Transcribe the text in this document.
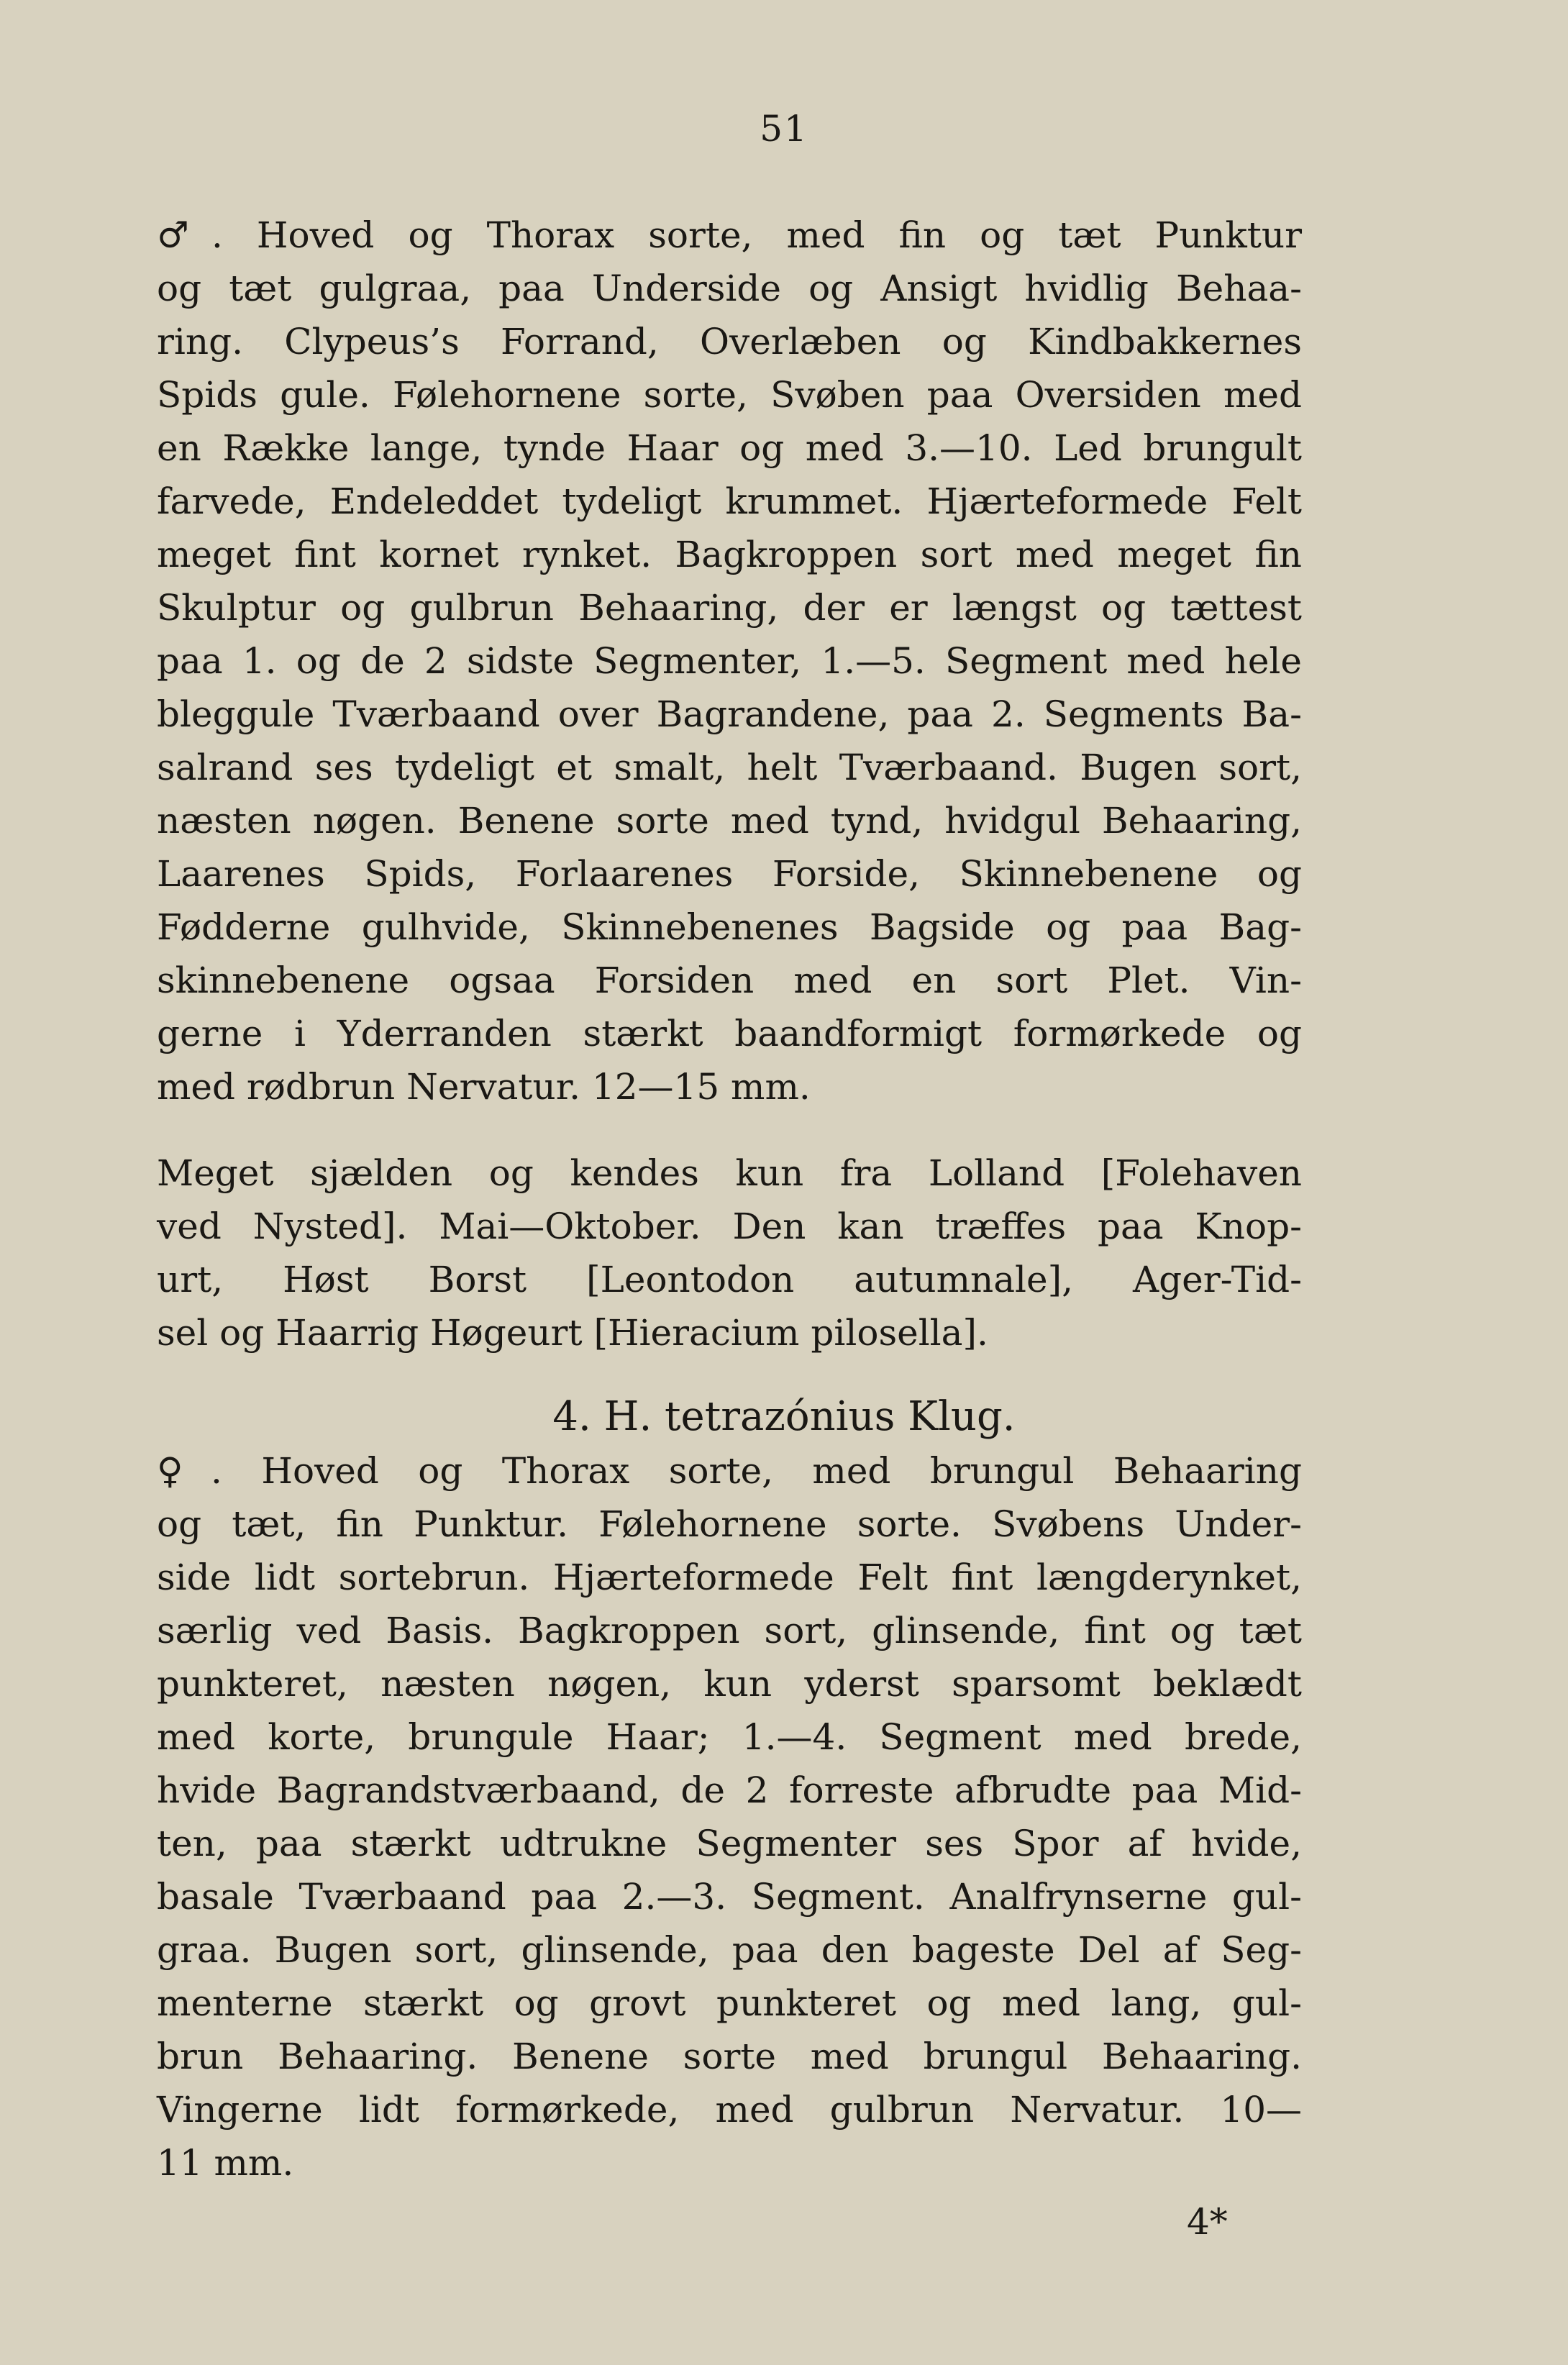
51
♂. Hoved og Thorax sorte, med fin og tæt Punktur
og tæt gulgraa, paa Underside og Ansigt hvidlig Behaa-
ring. Clypeus’s Forrand, Overlæben og Kindbakkernes
Spids gule. Følehornene sorte, Svøben paa Oversiden med
en Række lange, tynde Haar og med 3.—10. Led brungult
farvede, Endeleddet tydeligt krummet. Hjærteformede Felt
meget fint kornet rynket. Bagkroppen sort med meget fin
Skulptur og gulbrun Behaaring, der er længst og tættest
paa 1. og de 2 sidste Segmenter, 1.—5. Segment med hele
bleggule Tværbaand over Bagrandene, paa 2. Segments Ba-
salrand ses tydeligt et smalt, helt Tværbaand. Bugen sort,
næsten nøgen. Benene sorte med tynd, hvidgul Behaaring,
Laarenes Spids, Forlaarenes Forside, Skinnebenene og
Fødderne gulhvide, Skinnebenenes Bagside og paa Bag-
skinnebenene ogsaa Forsiden med en sort Plet. Vin-
gerne i Yderranden stærkt baandformigt formørkede og
med rødbrun Nervatur. 12—15 mm.
Meget sjælden og kendes kun fra Lolland [Folehaven
ved Nysted]. Mai—Oktober. Den kan træffes paa Knop-
urt, Høst Borst [Leontodon autumnale], Ager-Tid-
sel og Haarrig Høgeurt [Hieracium pilosella].
4. H. tetrazónius Klug.
♀. Hoved og Thorax sorte, med brungul Behaaring
og tæt, fin Punktur. Følehornene sorte. Svøbens Under-
side lidt sortebrun. Hjærteformede Felt fint længderynket,
særlig ved Basis. Bagkroppen sort, glinsende, fint og tæt
punkteret, næsten nøgen, kun yderst sparsomt beklædt
med korte, brungule Haar; 1.—4. Segment med brede,
hvide Bagrandstværbaand, de 2 forreste afbrudte paa Mid-
ten, paa stærkt udtrukne Segmenter ses Spor af hvide,
basale Tværbaand paa 2.—3. Segment. Analfrynserne gul-
graa. Bugen sort, glinsende, paa den bageste Del af Seg-
menterne stærkt og grovt punkteret og med lang, gul-
brun Behaaring. Benene sorte med brungul Behaaring.
Vingerne lidt formørkede, med gulbrun Nervatur. 10—
11 mm.
4*
